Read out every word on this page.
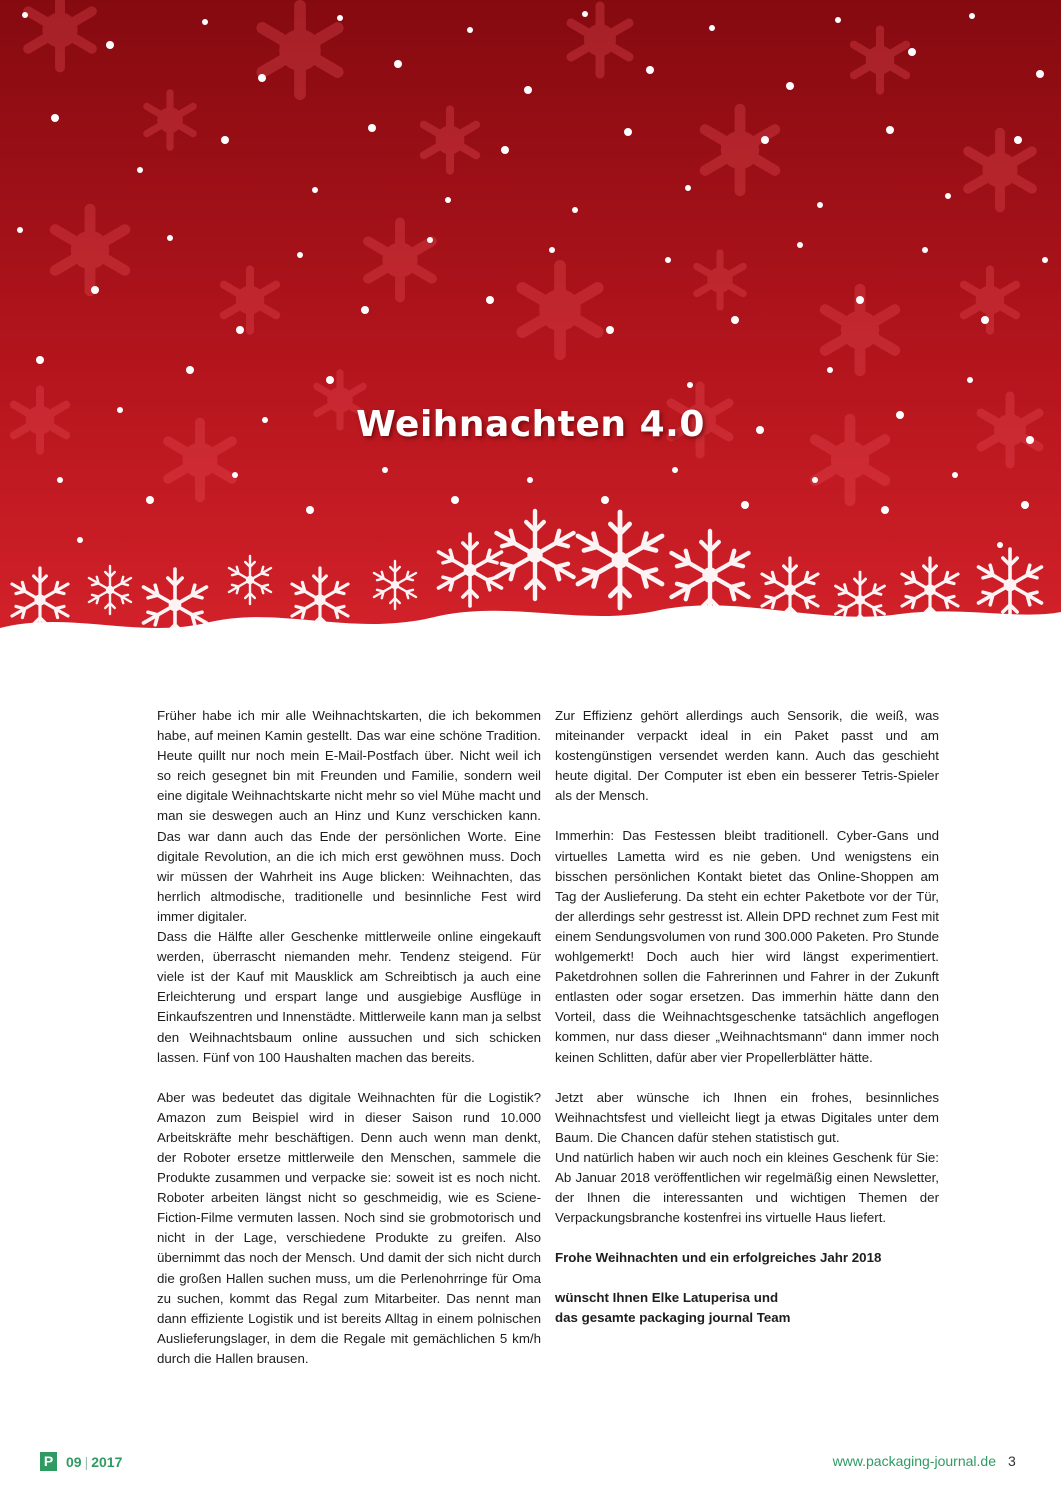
Weihnachten 4.0

Früher habe ich mir alle Weihnachtskarten, die ich bekommen habe, auf meinen Kamin gestellt. Das war eine schöne Tradition. Heute quillt nur noch mein E-Mail-Postfach über. Nicht weil ich so reich gesegnet bin mit Freunden und Familie, sondern weil eine digitale Weihnachtskarte nicht mehr so viel Mühe macht und man sie deswegen auch an Hinz und Kunz verschicken kann. Das war dann auch das Ende der persönlichen Worte. Eine digitale Revolution, an die ich mich erst gewöhnen muss. Doch wir müssen der Wahrheit ins Auge blicken: Weihnachten, das herrlich altmodische, traditionelle und besinnliche Fest wird immer digitaler.

Dass die Hälfte aller Geschenke mittlerweile online eingekauft werden, überrascht niemanden mehr. Tendenz steigend. Für viele ist der Kauf mit Mausklick am Schreibtisch ja auch eine Erleichterung und erspart lange und ausgiebige Ausflüge in Einkaufszentren und Innenstädte. Mittlerweile kann man ja selbst den Weihnachtsbaum online aussuchen und sich schicken lassen. Fünf von 100 Haushalten machen das bereits.

Aber was bedeutet das digitale Weihnachten für die Logistik? Amazon zum Beispiel wird in dieser Saison rund 10.000 Arbeitskräfte mehr beschäftigen. Denn auch wenn man denkt, der Roboter ersetze mittlerweile den Menschen, sammele die Produkte zusammen und verpacke sie: soweit ist es noch nicht. Roboter arbeiten längst nicht so geschmeidig, wie es Sciene-Fiction-Filme vermuten lassen. Noch sind sie grobmotorisch und nicht in der Lage, verschiedene Produkte zu greifen. Also übernimmt das noch der Mensch. Und damit der sich nicht durch die großen Hallen suchen muss, um die Perlenohrringe für Oma zu suchen, kommt das Regal zum Mitarbeiter. Das nennt man dann effiziente Logistik und ist bereits Alltag in einem polnischen Auslieferungslager, in dem die Regale mit gemächlichen 5 km/h durch die Hallen brausen.

Zur Effizienz gehört allerdings auch Sensorik, die weiß, was miteinander verpackt ideal in ein Paket passt und am kostengünstigen versendet werden kann. Auch das geschieht heute digital. Der Computer ist eben ein besserer Tetris-Spieler als der Mensch.

Immerhin: Das Festessen bleibt traditionell. Cyber-Gans und virtuelles Lametta wird es nie geben. Und wenigstens ein bisschen persönlichen Kontakt bietet das Online-Shoppen am Tag der Auslieferung. Da steht ein echter Paketbote vor der Tür, der allerdings sehr gestresst ist. Allein DPD rechnet zum Fest mit einem Sendungsvolumen von rund 300.000 Paketen. Pro Stunde wohlgemerkt! Doch auch hier wird längst experimentiert. Paketdrohnen sollen die Fahrerinnen und Fahrer in der Zukunft entlasten oder sogar ersetzen. Das immerhin hätte dann den Vorteil, dass die Weihnachtsgeschenke tatsächlich angeflogen kommen, nur dass dieser „Weihnachtsmann“ dann immer noch keinen Schlitten, dafür aber vier Propellerblätter hätte.

Jetzt aber wünsche ich Ihnen ein frohes, besinnliches Weihnachtsfest und vielleicht liegt ja etwas Digitales unter dem Baum. Die Chancen dafür stehen statistisch gut.

Und natürlich haben wir auch noch ein kleines Geschenk für Sie: Ab Januar 2018 veröffentlichen wir regelmäßig einen Newsletter, der Ihnen die interessanten und wichtigen Themen der Verpackungsbranche kostenfrei ins virtuelle Haus liefert.

Frohe Weihnachten und ein erfolgreiches Jahr 2018

wünscht Ihnen Elke Latuperisa und

das gesamte packaging journal Team

P 09 | 2017	www.packaging-journal.de 3
